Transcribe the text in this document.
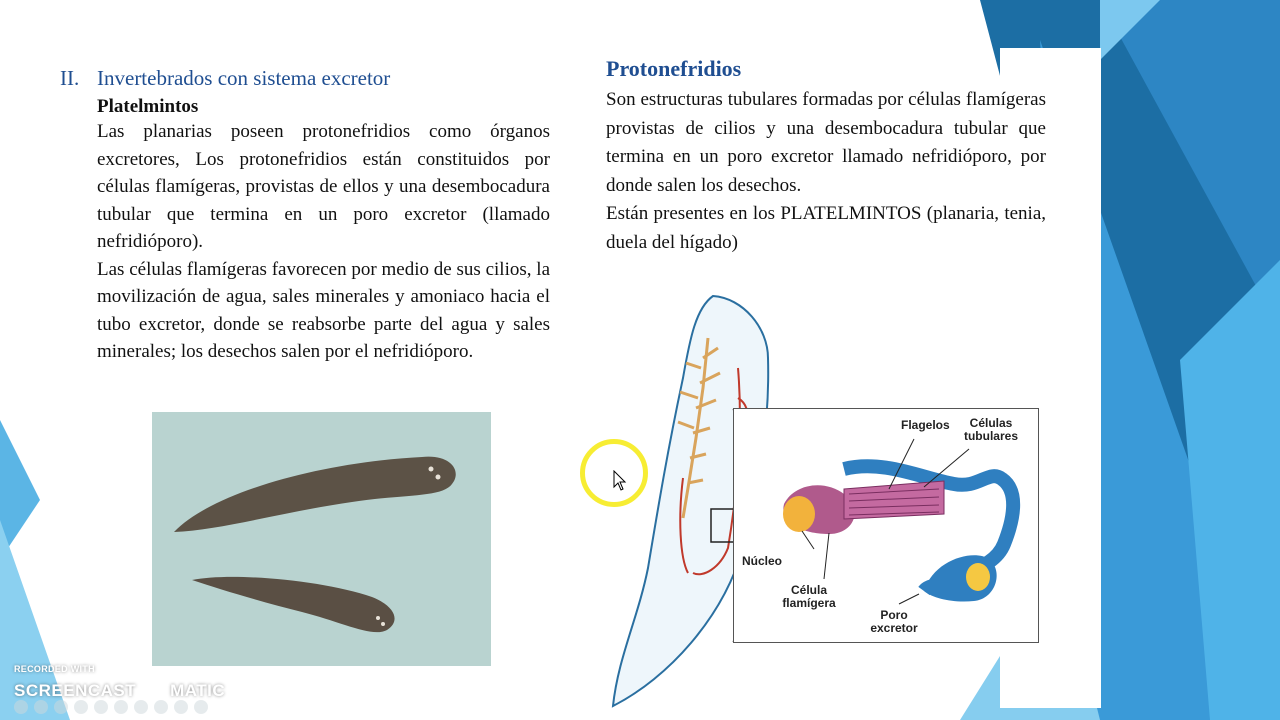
II. Invertebrados con sistema excretor
Platelmintos

Las planarias poseen protonefridios como órganos excretores, Los protonefridios están constituidos por células flamígeras, provistas de ellos y una desembocadura tubular que termina en un poro excretor (llamado nefridióporo).

Las células flamígeras favorecen por medio de sus cilios, la movilización de agua, sales minerales y amoniaco hacia el tubo excretor, donde se reabsorbe parte del agua y sales minerales; los desechos salen por el nefridióporo.

Protonefridios

Son estructuras tubulares formadas por células flamígeras provistas de cilios y una desembocadura tubular que termina en un poro excretor llamado nefridióporo, por donde salen los desechos.

Están presentes en los PLATELMINTOS (planaria, tenia, duela del hígado)

Flagelos	Células tubulares
Núcleo
Célula flamígera
Poro excretor
RECORDED WITH
SCREENCAST MATIC
